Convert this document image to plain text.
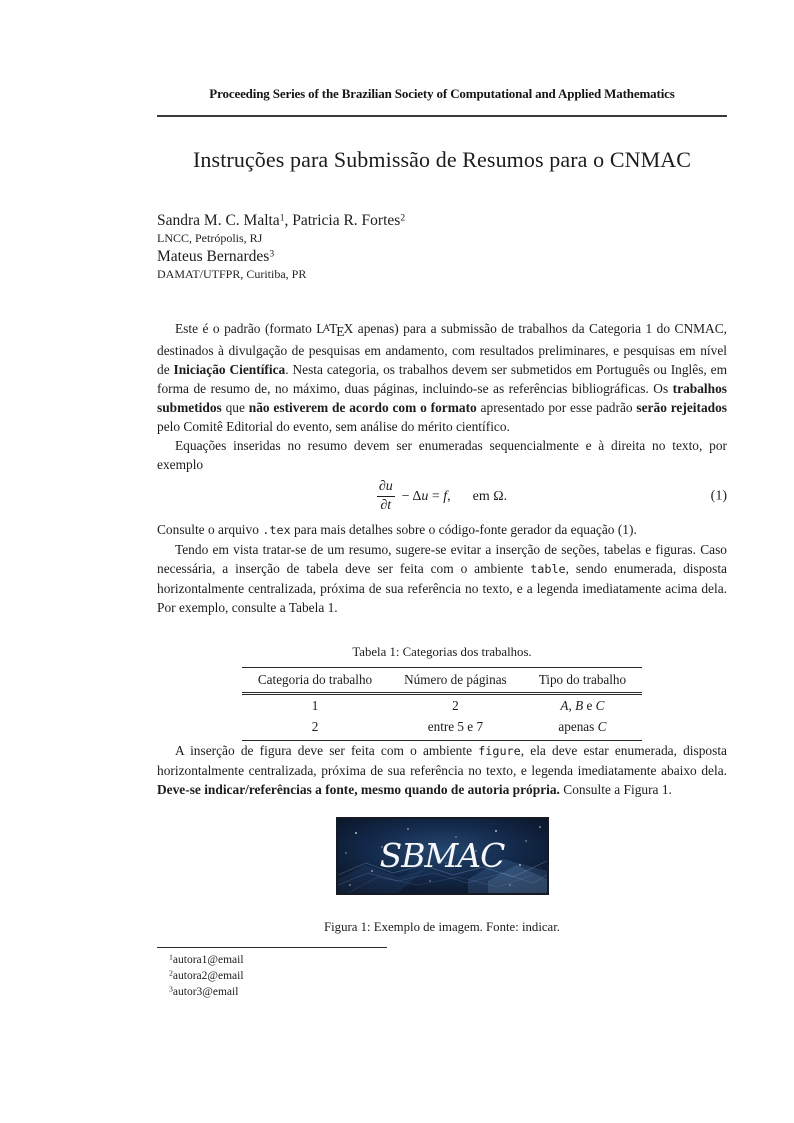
Proceeding Series of the Brazilian Society of Computational and Applied Mathematics
Instruções para Submissão de Resumos para o CNMAC
Sandra M. C. Malta$^1$, Patricia R. Fortes$^2$
LNCC, Petrópolis, RJ
Mateus Bernardes$^3$
DAMAT/UTFPR, Curitiba, PR

Este é o padrão (formato LATEX apenas) para a submissão de trabalhos da Categoria 1 do CNMAC, destinados à divulgação de pesquisas em andamento, com resultados preliminares, e pesquisas em nível de Iniciação Científica. Nesta categoria, os trabalhos devem ser submetidos em Português ou Inglês, em forma de resumo de, no máximo, duas páginas, incluindo-se as referências bibliográficas. Os trabalhos submetidos que não estiverem de acordo com o formato apresentado por esse padrão serão rejeitados pelo Comitê Editorial do evento, sem análise do mérito científico.

Equações inseridas no resumo devem ser enumeradas sequencialmente e à direita no texto, por exemplo

$\frac{\partial u}{\partial t} - \Delta u = f$, em Ω.	(1)

Consulte o arquivo .tex para mais detalhes sobre o código-fonte gerador da equação (1).

Tendo em vista tratar-se de um resumo, sugere-se evitar a inserção de seções, tabelas e figuras. Caso necessária, a inserção de tabela deve ser feita com o ambiente table, sendo enumerada, disposta horizontalmente centralizada, próxima de sua referência no texto, e a legenda imediatamente acima dela. Por exemplo, consulte a Tabela 1.

Tabela 1: Categorias dos trabalhos.
Categoria do trabalho	Número de páginas	Tipo do trabalho
1	2	A, B e C
2	entre 5 e 7	apenas C

A inserção de figura deve ser feita com o ambiente figure, ela deve estar enumerada, disposta horizontalmente centralizada, próxima de sua referência no texto, e legenda imediatamente abaixo dela. Deve-se indicar/referências a fonte, mesmo quando de autoria própria. Consulte a Figura 1.

SBMAC
Figura 1: Exemplo de imagem. Fonte: indicar.
$^1$autora1@email
$^2$autora2@email
$^3$autor3@email
